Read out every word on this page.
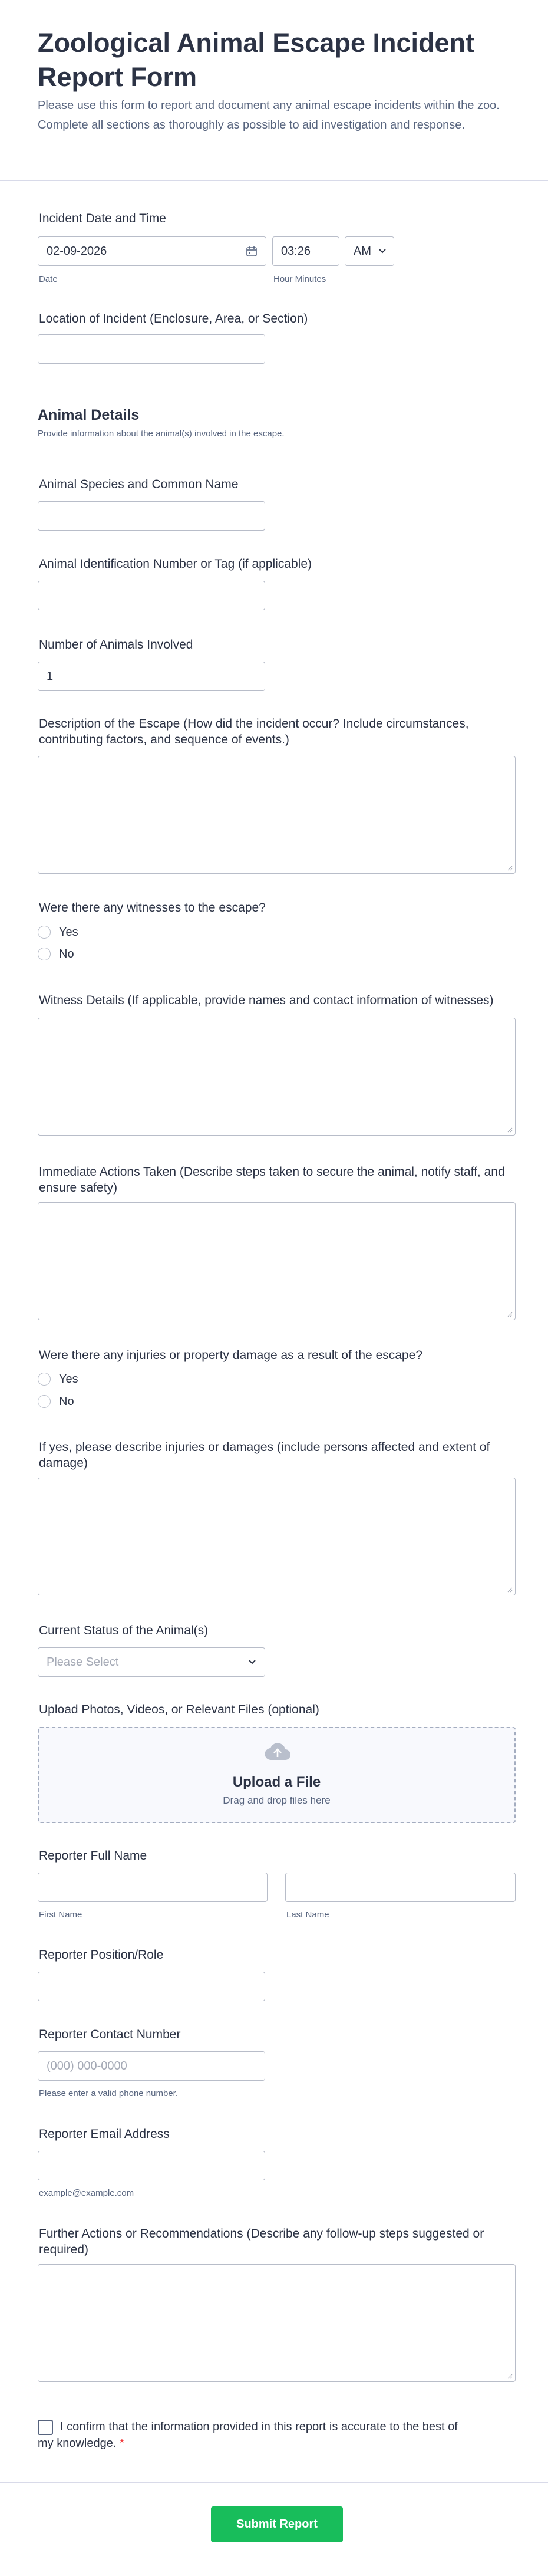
Zoological Animal Escape Incident Report Form

Please use this form to report and document any animal escape incidents within the zoo. Complete all sections as thoroughly as possible to aid investigation and response.

Incident Date and Time
02-09-2026
Date
03:26
Hour Minutes
AM
Location of Incident (Enclosure, Area, or Section)
Animal Details
Provide information about the animal(s) involved in the escape.
Animal Species and Common Name
Animal Identification Number or Tag (if applicable)
Number of Animals Involved
1
Description of the Escape (How did the incident occur? Include circumstances, contributing factors, and sequence of events.)
Were there any witnesses to the escape?
Yes
No
Witness Details (If applicable, provide names and contact information of witnesses)
Immediate Actions Taken (Describe steps taken to secure the animal, notify staff, and ensure safety)
Were there any injuries or property damage as a result of the escape?
Yes
No
If yes, please describe injuries or damages (include persons affected and extent of damage)
Current Status of the Animal(s)
Please Select
Upload Photos, Videos, or Relevant Files (optional)
Upload a File
Drag and drop files here
Reporter Full Name
First Name	Last Name
Reporter Position/Role
Reporter Contact Number
(000) 000-0000
Please enter a valid phone number.
Reporter Email Address
example@example.com
Further Actions or Recommendations (Describe any follow-up steps suggested or required)
I confirm that the information provided in this report is accurate to the best of my knowledge. *
Submit Report
